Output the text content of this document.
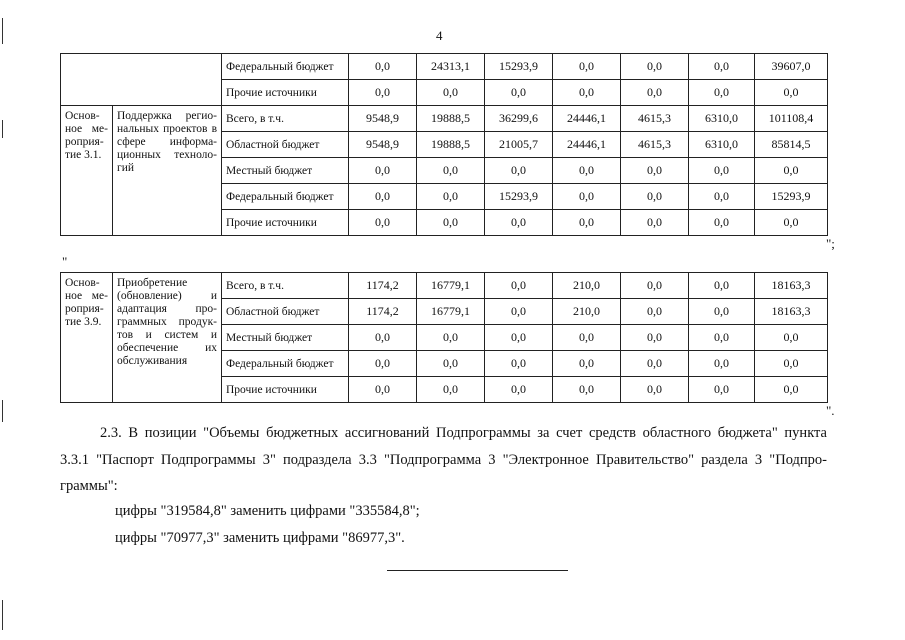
4
		Федеральный бюджет	0,0	24313,1	15293,9	0,0	0,0	0,0	39607,0
		Прочие источники	0,0	0,0	0,0	0,0	0,0	0,0	0,0
Основ-ное ме-роприя-тие 3.1.	Поддержка регио-нальных проектов в сфере информа-ционных техноло-гий	Всего, в т.ч.	9548,9	19888,5	36299,6	24446,1	4615,3	6310,0	101108,4
		Областной бюджет	9548,9	19888,5	21005,7	24446,1	4615,3	6310,0	85814,5
		Местный бюджет	0,0	0,0	0,0	0,0	0,0	0,0	0,0
		Федеральный бюджет	0,0	0,0	15293,9	0,0	0,0	0,0	15293,9
		Прочие источники	0,0	0,0	0,0	0,0	0,0	0,0	0,0
";
"
Основ-ное ме-роприя-тие 3.9.	Приобретение (обновление) и адаптация про-граммных продук-тов и систем и обеспечение их обслуживания	Всего, в т.ч.	1174,2	16779,1	0,0	210,0	0,0	0,0	18163,3
		Областной бюджет	1174,2	16779,1	0,0	210,0	0,0	0,0	18163,3
		Местный бюджет	0,0	0,0	0,0	0,0	0,0	0,0	0,0
		Федеральный бюджет	0,0	0,0	0,0	0,0	0,0	0,0	0,0
		Прочие источники	0,0	0,0	0,0	0,0	0,0	0,0	0,0
".
2.3. В позиции "Объемы бюджетных ассигнований Подпрограммы за счет средств областного бюджета" пункта
3.3.1 "Паспорт Подпрограммы 3" подраздела 3.3 "Подпрограмма 3 "Электронное Правительство" раздела 3 "Подпро-
граммы":
цифры "319584,8" заменить цифрами "335584,8";
цифры "70977,3" заменить цифрами "86977,3".
